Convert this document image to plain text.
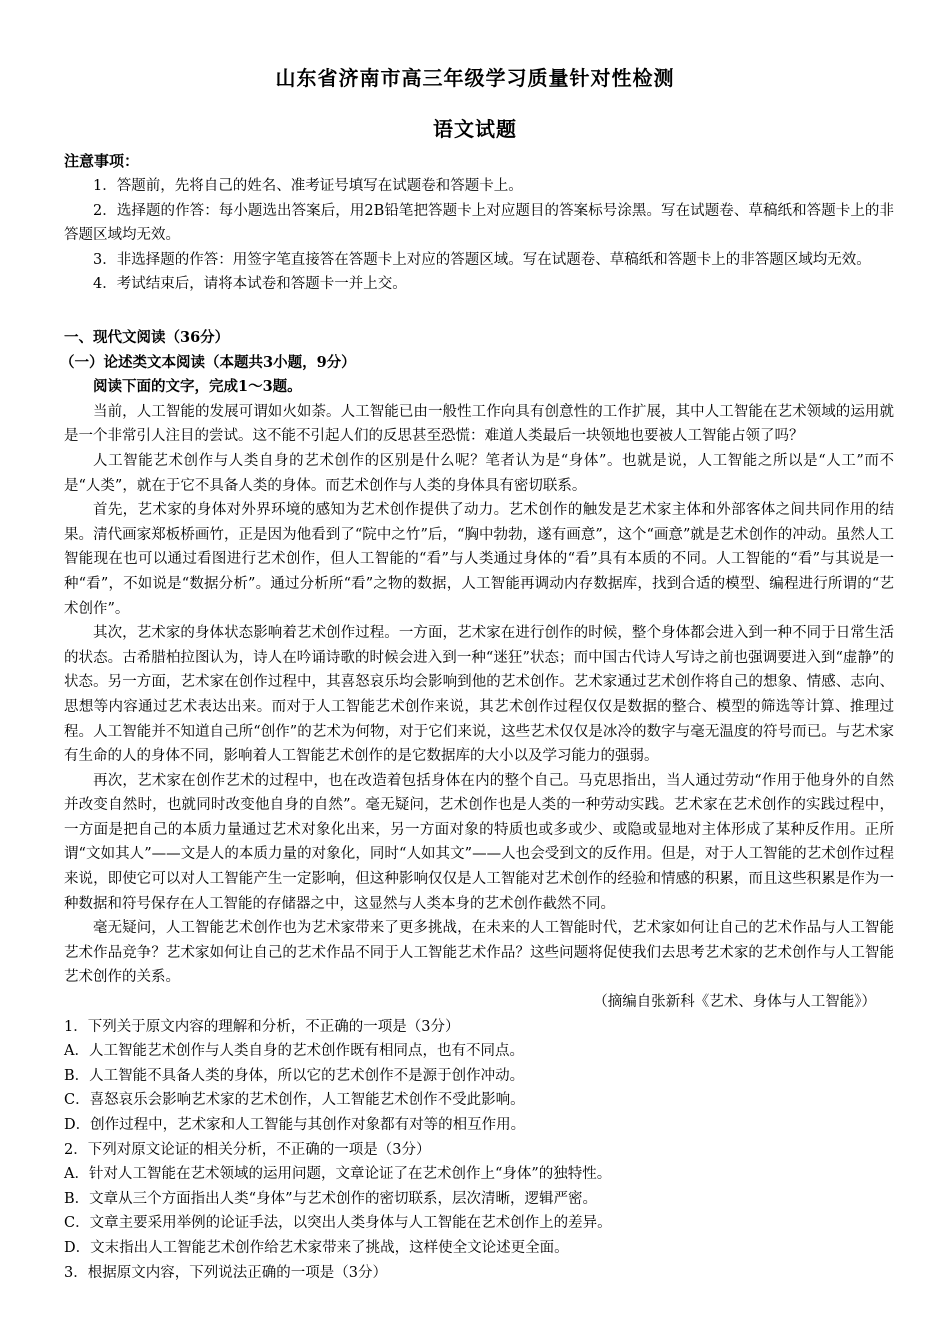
山东省济南市高三年级学习质量针对性检测
语文试题
注意事项：

1．答题前，先将自己的姓名、准考证号填写在试题卷和答题卡上。

2．选择题的作答：每小题选出答案后，用2B铅笔把答题卡上对应题目的答案标号涂黑。写在试题卷、草稿纸和答题卡上的非答题区域均无效。

3．非选择题的作答：用签字笔直接答在答题卡上对应的答题区域。写在试题卷、草稿纸和答题卡上的非答题区域均无效。

4．考试结束后，请将本试卷和答题卡一并上交。

一、现代文阅读（36分）

（一）论述类文本阅读（本题共3小题，9分）

阅读下面的文字，完成1～3题。

当前，人工智能的发展可谓如火如荼。人工智能已由一般性工作向具有创意性的工作扩展，其中人工智能在艺术领域的运用就是一个非常引人注目的尝试。这不能不引起人们的反思甚至恐慌：难道人类最后一块领地也要被人工智能占领了吗？

人工智能艺术创作与人类自身的艺术创作的区别是什么呢？笔者认为是“身体”。也就是说，人工智能之所以是“人工”而不是“人类”，就在于它不具备人类的身体。而艺术创作与人类的身体具有密切联系。

首先，艺术家的身体对外界环境的感知为艺术创作提供了动力。艺术创作的触发是艺术家主体和外部客体之间共同作用的结果。清代画家郑板桥画竹，正是因为他看到了“院中之竹”后，“胸中勃勃，遂有画意”，这个“画意”就是艺术创作的冲动。虽然人工智能现在也可以通过看图进行艺术创作，但人工智能的“看”与人类通过身体的“看”具有本质的不同。人工智能的“看”与其说是一种“看”，不如说是“数据分析”。通过分析所“看”之物的数据，人工智能再调动内存数据库，找到合适的模型、编程进行所谓的“艺术创作”。

其次，艺术家的身体状态影响着艺术创作过程。一方面，艺术家在进行创作的时候，整个身体都会进入到一种不同于日常生活的状态。古希腊柏拉图认为，诗人在吟诵诗歌的时候会进入到一种“迷狂”状态；而中国古代诗人写诗之前也强调要进入到“虚静”的状态。另一方面，艺术家在创作过程中，其喜怒哀乐均会影响到他的艺术创作。艺术家通过艺术创作将自己的想象、情感、志向、思想等内容通过艺术表达出来。而对于人工智能艺术创作来说，其艺术创作过程仅仅是数据的整合、模型的筛选等计算、推理过程。人工智能并不知道自己所“创作”的艺术为何物，对于它们来说，这些艺术仅仅是冰冷的数字与毫无温度的符号而已。与艺术家有生命的人的身体不同，影响着人工智能艺术创作的是它数据库的大小以及学习能力的强弱。

再次，艺术家在创作艺术的过程中，也在改造着包括身体在内的整个自己。马克思指出，当人通过劳动“作用于他身外的自然并改变自然时，也就同时改变他自身的自然”。毫无疑问，艺术创作也是人类的一种劳动实践。艺术家在艺术创作的实践过程中，一方面是把自己的本质力量通过艺术对象化出来，另一方面对象的特质也或多或少、或隐或显地对主体形成了某种反作用。正所谓“文如其人”——文是人的本质力量的对象化，同时“人如其文”——人也会受到文的反作用。但是，对于人工智能的艺术创作过程来说，即使它可以对人工智能产生一定影响，但这种影响仅仅是人工智能对艺术创作的经验和情感的积累，而且这些积累是作为一种数据和符号保存在人工智能的存储器之中，这显然与人类本身的艺术创作截然不同。

毫无疑问，人工智能艺术创作也为艺术家带来了更多挑战，在未来的人工智能时代，艺术家如何让自己的艺术作品与人工智能艺术作品竞争？艺术家如何让自己的艺术作品不同于人工智能艺术作品？这些问题将促使我们去思考艺术家的艺术创作与人工智能艺术创作的关系。

（摘编自张新科《艺术、身体与人工智能》）

1．下列关于原文内容的理解和分析，不正确的一项是（3分）

A．人工智能艺术创作与人类自身的艺术创作既有相同点，也有不同点。

B．人工智能不具备人类的身体，所以它的艺术创作不是源于创作冲动。

C．喜怒哀乐会影响艺术家的艺术创作，人工智能艺术创作不受此影响。

D．创作过程中，艺术家和人工智能与其创作对象都有对等的相互作用。

2．下列对原文论证的相关分析，不正确的一项是（3分）

A．针对人工智能在艺术领域的运用问题，文章论证了在艺术创作上“身体”的独特性。

B．文章从三个方面指出人类“身体”与艺术创作的密切联系，层次清晰，逻辑严密。

C．文章主要采用举例的论证手法，以突出人类身体与人工智能在艺术创作上的差异。

D．文末指出人工智能艺术创作给艺术家带来了挑战，这样使全文论述更全面。

3．根据原文内容，下列说法正确的一项是（3分）
